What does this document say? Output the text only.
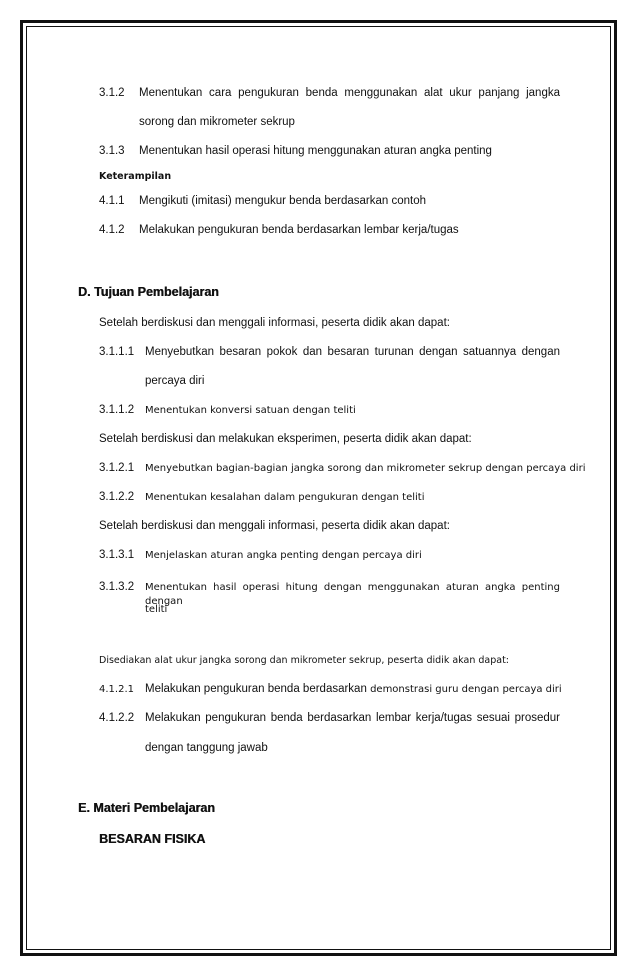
3.1.2 Menentukan cara pengukuran benda menggunakan alat ukur panjang jangka
sorong dan mikrometer sekrup
3.1.3 Menentukan hasil operasi hitung menggunakan aturan angka penting
Keterampilan
4.1.1 Mengikuti (imitasi) mengukur benda berdasarkan contoh
4.1.2 Melakukan pengukuran benda berdasarkan lembar kerja/tugas
D. Tujuan Pembelajaran
Setelah berdiskusi dan menggali informasi, peserta didik akan dapat:
3.1.1.1 Menyebutkan besaran pokok dan besaran turunan dengan satuannya dengan
percaya diri
3.1.1.2 Menentukan konversi satuan dengan teliti
Setelah berdiskusi dan melakukan eksperimen, peserta didik akan dapat:
3.1.2.1 Menyebutkan bagian-bagian jangka sorong dan mikrometer sekrup dengan percaya diri
3.1.2.2 Menentukan kesalahan dalam pengukuran dengan teliti
Setelah berdiskusi dan menggali informasi, peserta didik akan dapat:
3.1.3.1 Menjelaskan aturan angka penting dengan percaya diri
3.1.3.2 Menentukan hasil operasi hitung dengan menggunakan aturan angka penting dengan
teliti
Disediakan alat ukur jangka sorong dan mikrometer sekrup, peserta didik akan dapat:
4.1.2.1 Melakukan pengukuran benda berdasarkan demonstrasi guru dengan percaya diri
4.1.2.2 Melakukan pengukuran benda berdasarkan lembar kerja/tugas sesuai prosedur
dengan tanggung jawab
E. Materi Pembelajaran
BESARAN FISIKA
